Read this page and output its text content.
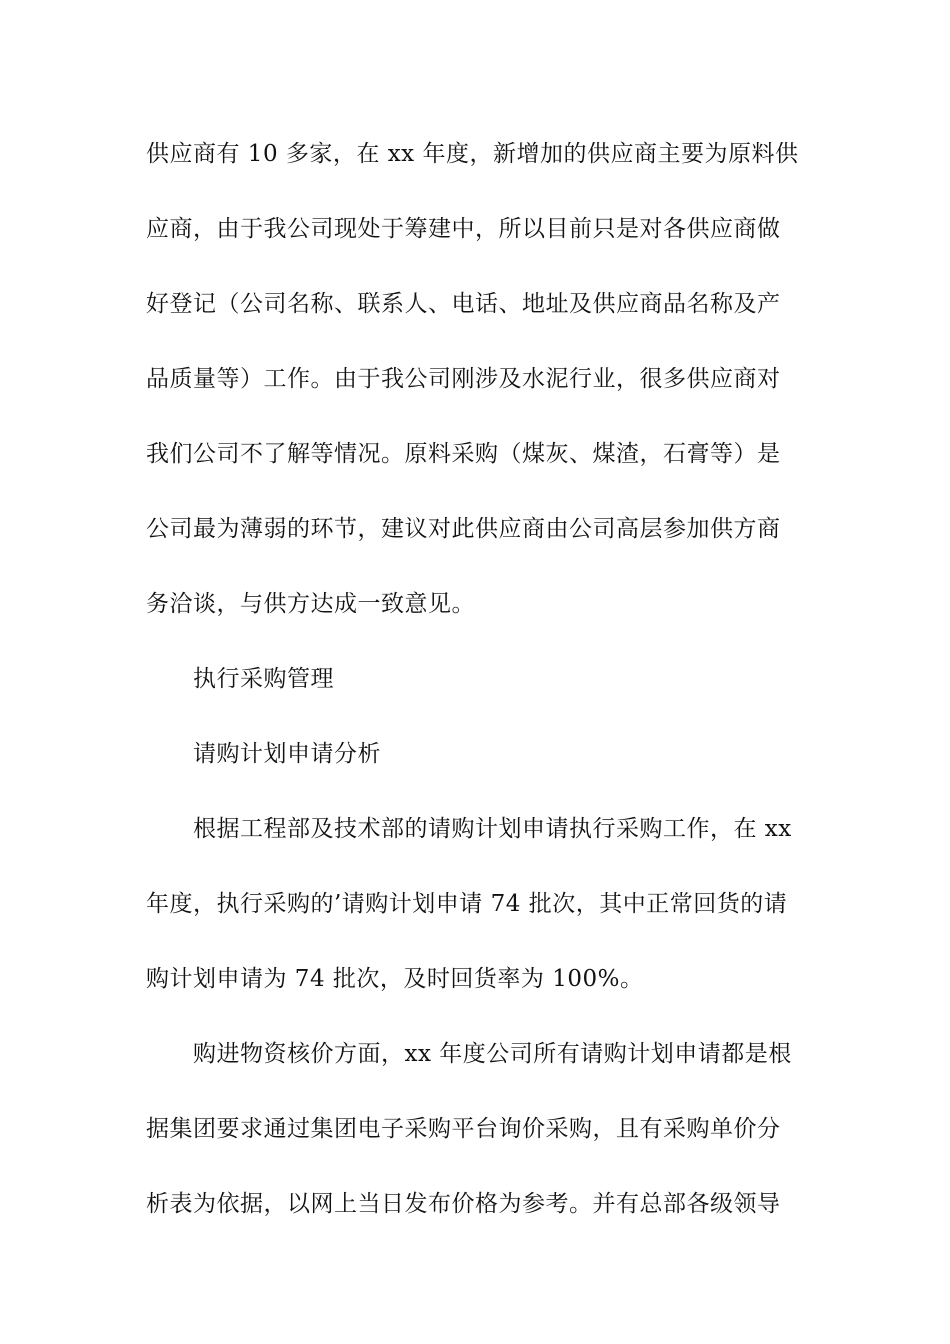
供应商有 10 多家，在 xx 年度，新增加的供应商主要为原料供
应商，由于我公司现处于筹建中，所以目前只是对各供应商做
好登记（公司名称、联系人、电话、地址及供应商品名称及产
品质量等）工作。由于我公司刚涉及水泥行业，很多供应商对
我们公司不了解等情况。原料采购（煤灰、煤渣，石膏等）是
公司最为薄弱的环节，建议对此供应商由公司高层参加供方商
务洽谈，与供方达成一致意见。
执行采购管理
请购计划申请分析
根据工程部及技术部的请购计划申请执行采购工作，在 xx
年度，执行采购的’请购计划申请 74 批次，其中正常回货的请
购计划申请为 74 批次，及时回货率为 100%。
购进物资核价方面，xx 年度公司所有请购计划申请都是根
据集团要求通过集团电子采购平台询价采购，且有采购单价分
析表为依据，以网上当日发布价格为参考。并有总部各级领导
